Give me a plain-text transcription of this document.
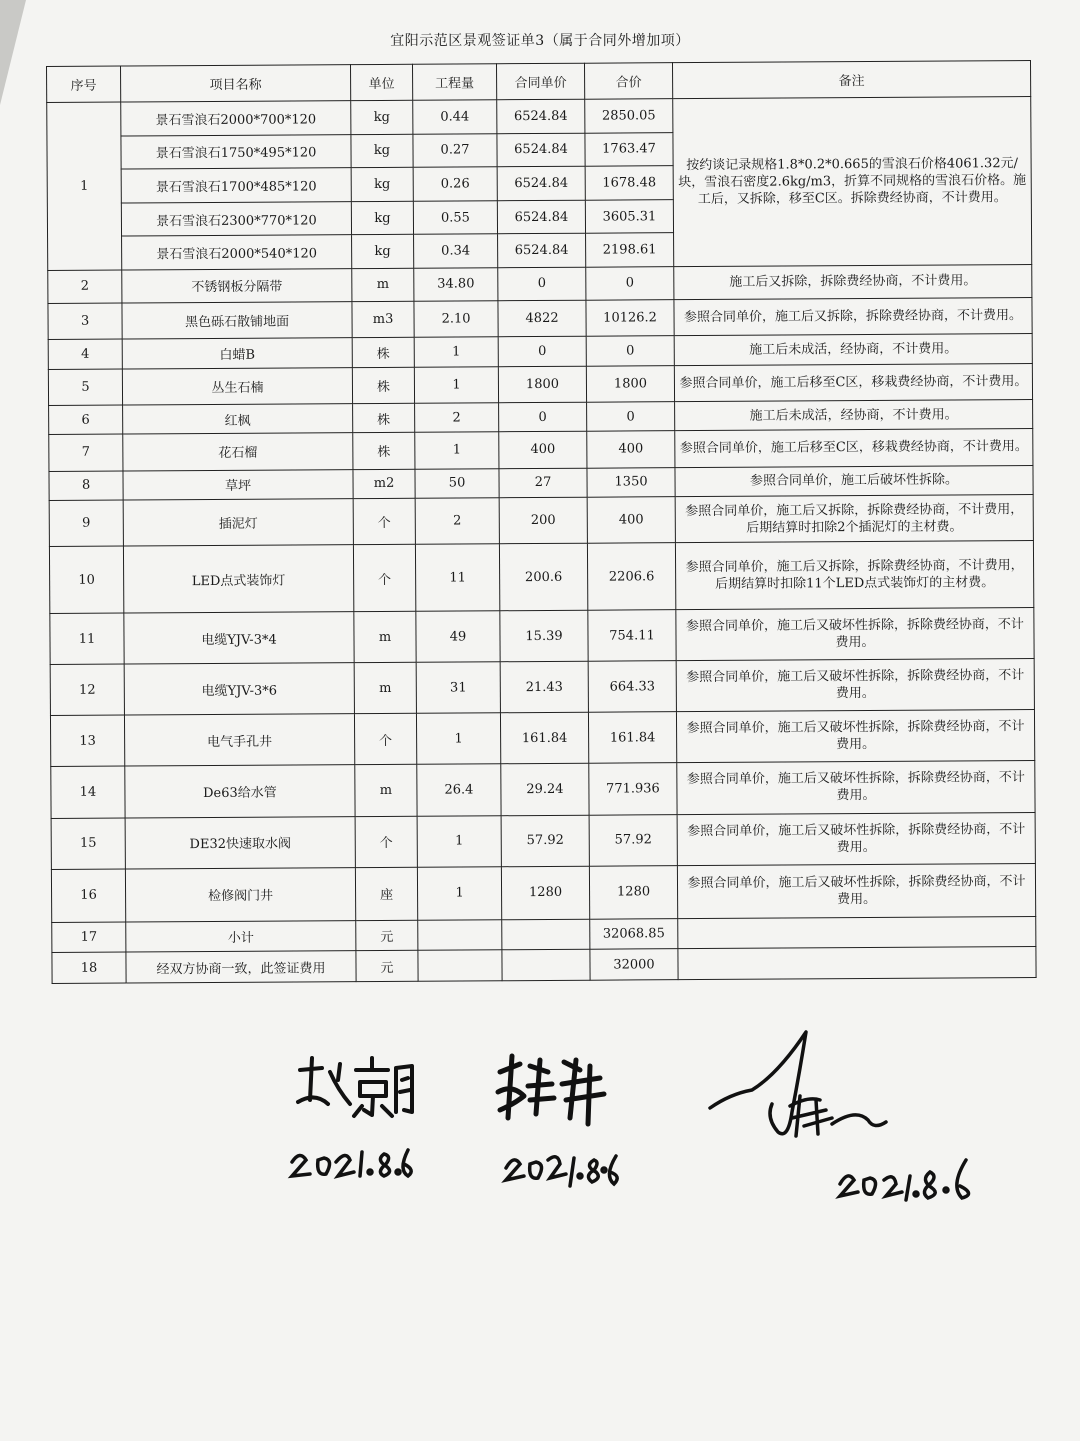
宜阳示范区景观签证单3（属于合同外增加项）
序号	项目名称	单位	工程量	合同单价	合价	备注
1	景石雪浪石2000*700*120	kg	0.44	6524.84	2850.05	按约谈记录规格1.8*0.2*0.665的雪浪石价格4061.32元/块，雪浪石密度2.6kg/m3，折算不同规格的雪浪石价格。施工后，又拆除，移至C区。拆除费经协商，不计费用。
	景石雪浪石1750*495*120	kg	0.27	6524.84	1763.47	
	景石雪浪石1700*485*120	kg	0.26	6524.84	1678.48	
	景石雪浪石2300*770*120	kg	0.55	6524.84	3605.31	
	景石雪浪石2000*540*120	kg	0.34	6524.84	2198.61	
2	不锈钢板分隔带	m	34.80	0	0	施工后又拆除，拆除费经协商，不计费用。
3	黑色砾石散铺地面	m3	2.10	4822	10126.2	参照合同单价，施工后又拆除，拆除费经协商，不计费用。
4	白蜡B	株	1	0	0	施工后未成活，经协商，不计费用。
5	丛生石楠	株	1	1800	1800	参照合同单价，施工后移至C区，移栽费经协商，不计费用。
6	红枫	株	2	0	0	施工后未成活，经协商，不计费用。
7	花石榴	株	1	400	400	参照合同单价，施工后移至C区，移栽费经协商，不计费用。
8	草坪	m2	50	27	1350	参照合同单价，施工后破坏性拆除。
9	插泥灯	个	2	200	400	参照合同单价，施工后又拆除，拆除费经协商，不计费用，后期结算时扣除2个插泥灯的主材费。
10	LED点式装饰灯	个	11	200.6	2206.6	参照合同单价，施工后又拆除，拆除费经协商，不计费用，后期结算时扣除11个LED点式装饰灯的主材费。
11	电缆YJV-3*4	m	49	15.39	754.11	参照合同单价，施工后又破坏性拆除，拆除费经协商，不计费用。
12	电缆YJV-3*6	m	31	21.43	664.33	参照合同单价，施工后又破坏性拆除，拆除费经协商，不计费用。
13	电气手孔井	个	1	161.84	161.84	参照合同单价，施工后又破坏性拆除，拆除费经协商，不计费用。
14	De63给水管	m	26.4	29.24	771.936	参照合同单价，施工后又破坏性拆除，拆除费经协商，不计费用。
15	DE32快速取水阀	个	1	57.92	57.92	参照合同单价，施工后又破坏性拆除，拆除费经协商，不计费用。
16	检修阀门井	座	1	1280	1280	参照合同单价，施工后又破坏性拆除，拆除费经协商，不计费用。
17	小计	元			32068.85	
18	经双方协商一致，此签证费用	元			32000	
